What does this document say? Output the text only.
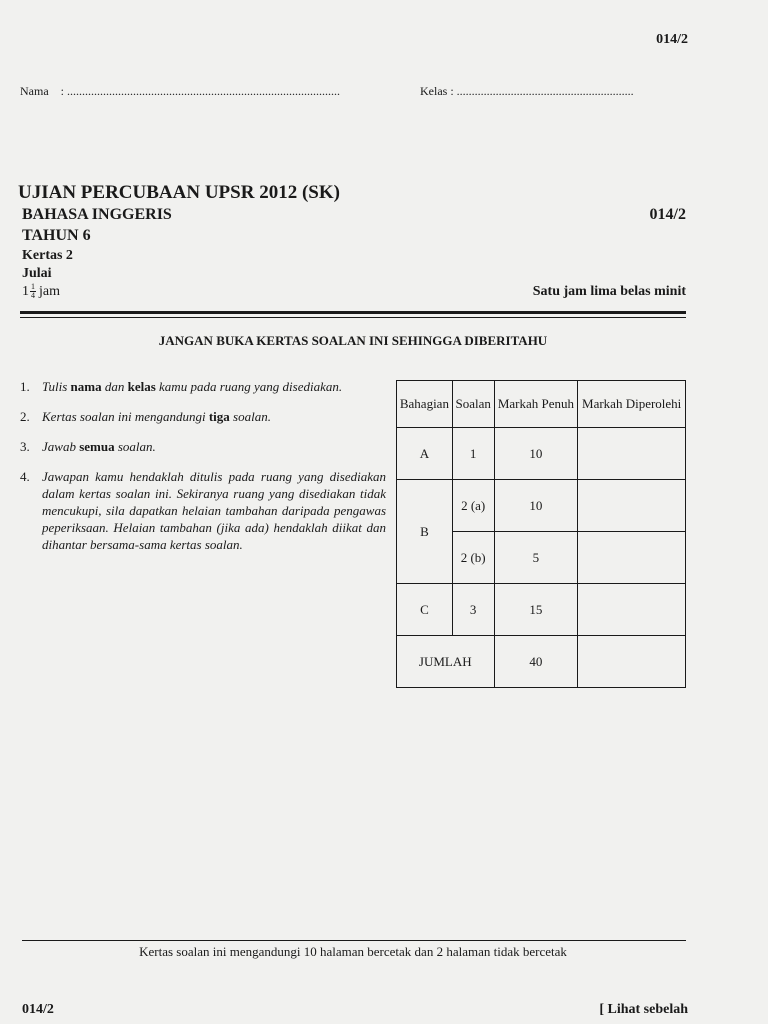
014/2
Nama : ...........................................................................................	Kelas : ...........................................................
UJIAN PERCUBAAN UPSR 2012 (SK)
BAHASA INGGERIS	014/2
TAHUN 6
Kertas 2
Julai
$1 \frac{1}{4}$ jam	Satu jam lima belas minit
JANGAN BUKA KERTAS SOALAN INI SEHINGGA DIBERITAHU
1. Tulis nama dan kelas kamu pada ruang yang disediakan.
2. Kertas soalan ini mengandungi tiga soalan.
3. Jawab semua soalan.
4. Jawapan kamu hendaklah ditulis pada ruang yang disediakan dalam kertas soalan ini. Sekiranya ruang yang disediakan tidak mencukupi, sila dapatkan helaian tambahan daripada pengawas peperiksaan. Helaian tambahan (jika ada) hendaklah diikat dan dihantar bersama-sama kertas soalan.
Bahagian	Soalan	Markah Penuh	Markah Diperolehi
A	1	10	
B	2 (a)	10	
	2 (b)	5	
C	3	15	
JUMLAH		40	
Kertas soalan ini mengandungi 10 halaman bercetak dan 2 halaman tidak bercetak
014/2	[ Lihat sebelah
